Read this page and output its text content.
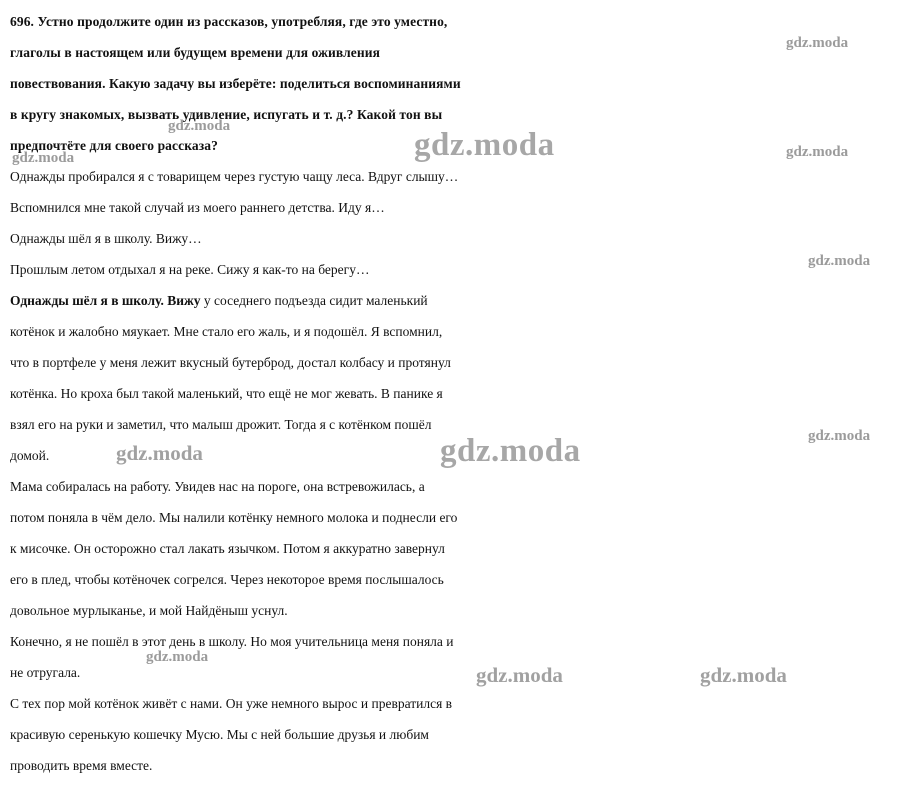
696. Устно продолжите один из рассказов, употребляя, где это уместно,
глаголы в настоящем или будущем времени для оживления
повествования. Какую задачу вы изберёте: поделиться воспоминаниями
в кругу знакомых, вызвать удивление, испугать и т. д.? Какой тон вы
предпочтёте для своего рассказа?
Однажды пробирался я с товарищем через густую чащу леса. Вдруг слышу…
Вспомнился мне такой случай из моего раннего детства. Иду я…
Однажды шёл я в школу. Вижу…
Прошлым летом отдыхал я на реке. Сижу я как-то на берегу…
Однажды шёл я в школу. Вижу у соседнего подъезда сидит маленький
котёнок и жалобно мяукает. Мне стало его жаль, и я подошёл. Я вспомнил,
что в портфеле у меня лежит вкусный бутерброд, достал колбасу и протянул
котёнка. Но кроха был такой маленький, что ещё не мог жевать. В панике я
взял его на руки и заметил, что малыш дрожит. Тогда я с котёнком пошёл
домой.
Мама собиралась на работу. Увидев нас на пороге, она встревожилась, а
потом поняла в чём дело. Мы налили котёнку немного молока и поднесли его
к мисочке. Он осторожно стал лакать язычком. Потом я аккуратно завернул
его в плед, чтобы котёночек согрелся. Через некоторое время послышалось
довольное мурлыканье, и мой Найдёныш уснул.
Конечно, я не пошёл в этот день в школу. Но моя учительница меня поняла и
не отругала.
С тех пор мой котёнок живёт с нами. Он уже немного вырос и превратился в
красивую серенькую кошечку Мусю. Мы с ней большие друзья и любим
проводить время вместе.
gdz.moda
gdz.moda
gdz.moda
gdz.moda	gdz.moda
gdz.moda
gdz.moda	gdz.moda	gdz.moda
gdz.moda
gdz.moda	gdz.moda
